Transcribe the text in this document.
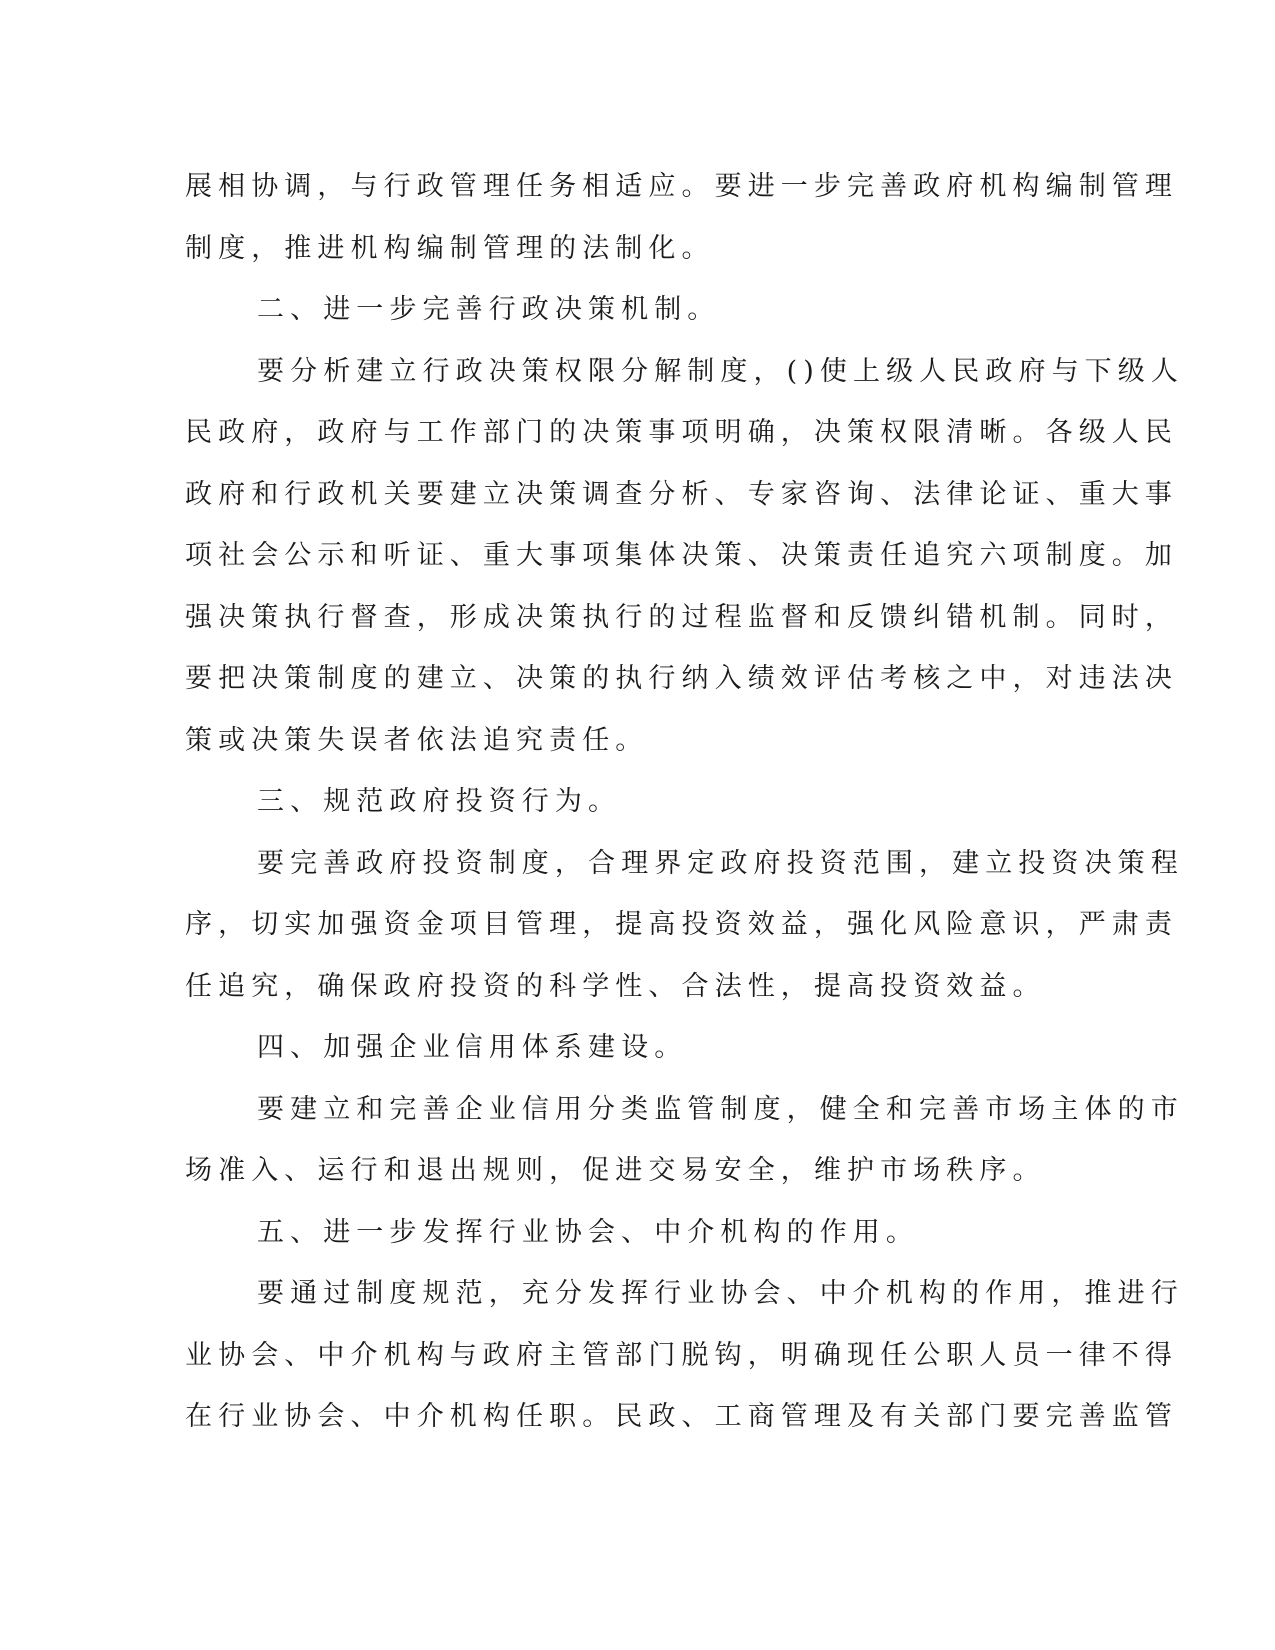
展相协调，与行政管理任务相适应。要进一步完善政府机构编制管理
制度，推进机构编制管理的法制化。
二、进一步完善行政决策机制。
要分析建立行政决策权限分解制度，()使上级人民政府与下级人
民政府，政府与工作部门的决策事项明确，决策权限清晰。各级人民
政府和行政机关要建立决策调查分析、专家咨询、法律论证、重大事
项社会公示和听证、重大事项集体决策、决策责任追究六项制度。加
强决策执行督查，形成决策执行的过程监督和反馈纠错机制。同时，
要把决策制度的建立、决策的执行纳入绩效评估考核之中，对违法决
策或决策失误者依法追究责任。
三、规范政府投资行为。
要完善政府投资制度，合理界定政府投资范围，建立投资决策程
序，切实加强资金项目管理，提高投资效益，强化风险意识，严肃责
任追究，确保政府投资的科学性、合法性，提高投资效益。
四、加强企业信用体系建设。
要建立和完善企业信用分类监管制度，健全和完善市场主体的市
场准入、运行和退出规则，促进交易安全，维护市场秩序。
五、进一步发挥行业协会、中介机构的作用。
要通过制度规范，充分发挥行业协会、中介机构的作用，推进行
业协会、中介机构与政府主管部门脱钩，明确现任公职人员一律不得
在行业协会、中介机构任职。民政、工商管理及有关部门要完善监管
